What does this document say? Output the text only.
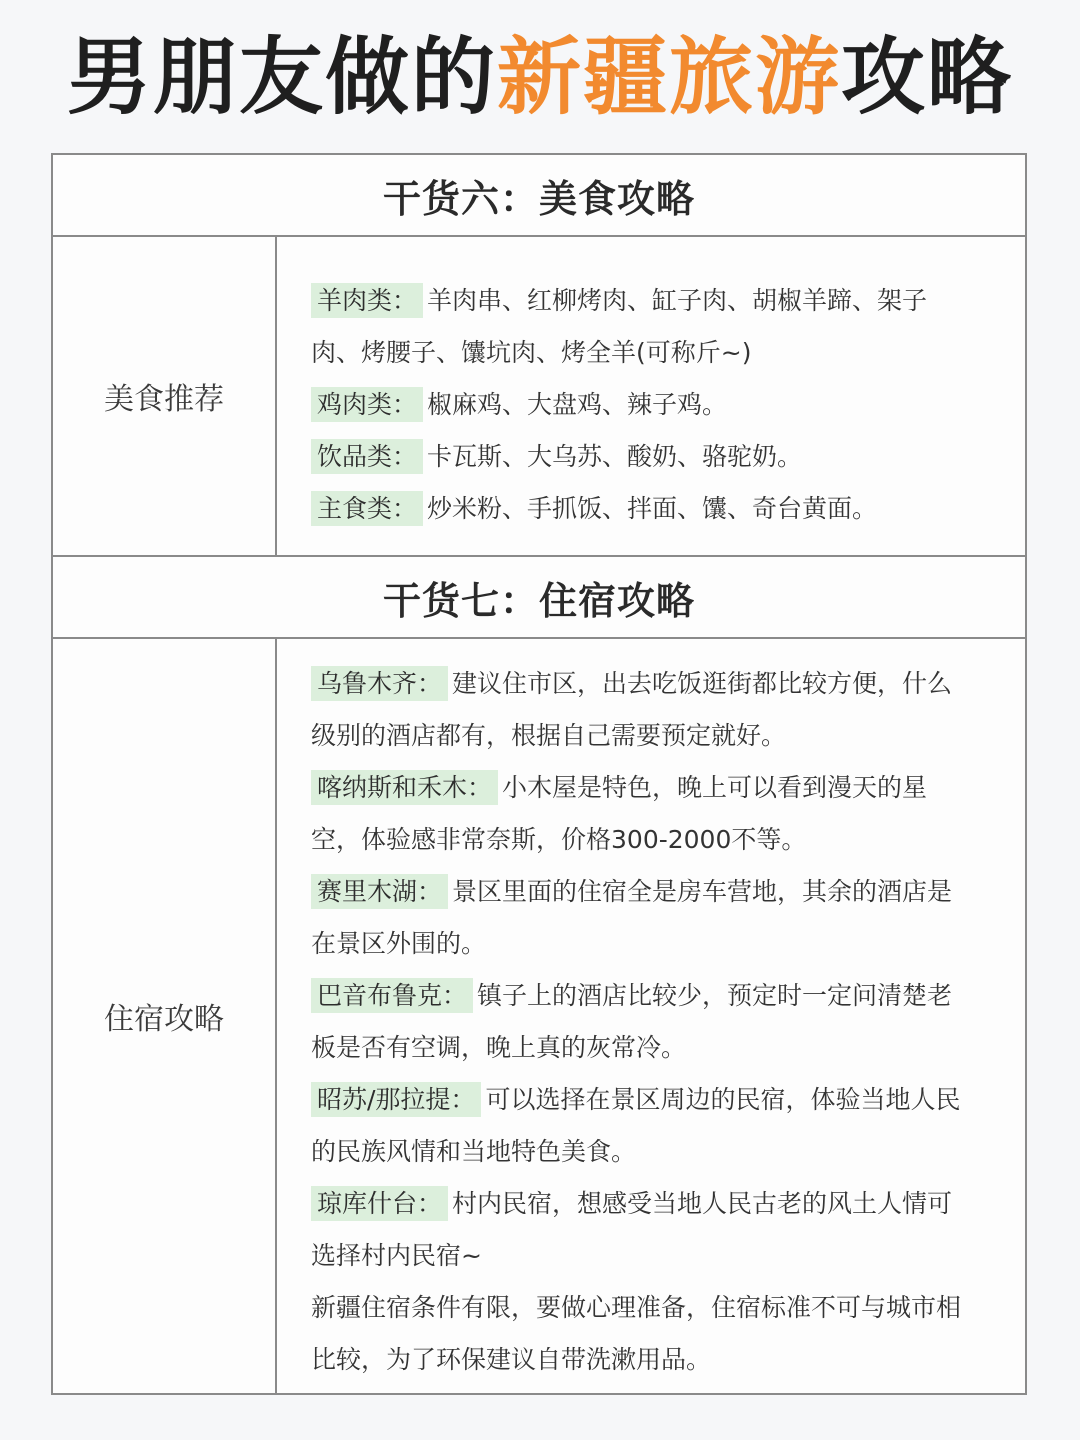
男朋友做的新疆旅游攻略
干货六：美食攻略
美食推荐

羊肉类： 羊肉串、红柳烤肉、缸子肉、胡椒羊蹄、架子肉、烤腰子、馕坑肉、烤全羊(可称斤~)

鸡肉类： 椒麻鸡、大盘鸡、辣子鸡。

饮品类： 卡瓦斯、大乌苏、酸奶、骆驼奶。

主食类： 炒米粉、手抓饭、拌面、馕、奇台黄面。

干货七：住宿攻略
住宿攻略

乌鲁木齐： 建议住市区，出去吃饭逛街都比较方便，什么级别的酒店都有，根据自己需要预定就好。

喀纳斯和禾木： 小木屋是特色，晚上可以看到漫天的星空，体验感非常奈斯，价格300-2000不等。

赛里木湖： 景区里面的住宿全是房车营地，其余的酒店是在景区外围的。

巴音布鲁克： 镇子上的酒店比较少，预定时一定问清楚老板是否有空调，晚上真的灰常冷。

昭苏/那拉提： 可以选择在景区周边的民宿，体验当地人民的民族风情和当地特色美食。

琼库什台： 村内民宿，想感受当地人民古老的风土人情可选择村内民宿~

新疆住宿条件有限，要做心理准备，住宿标准不可与城市相比较，为了环保建议自带洗漱用品。
